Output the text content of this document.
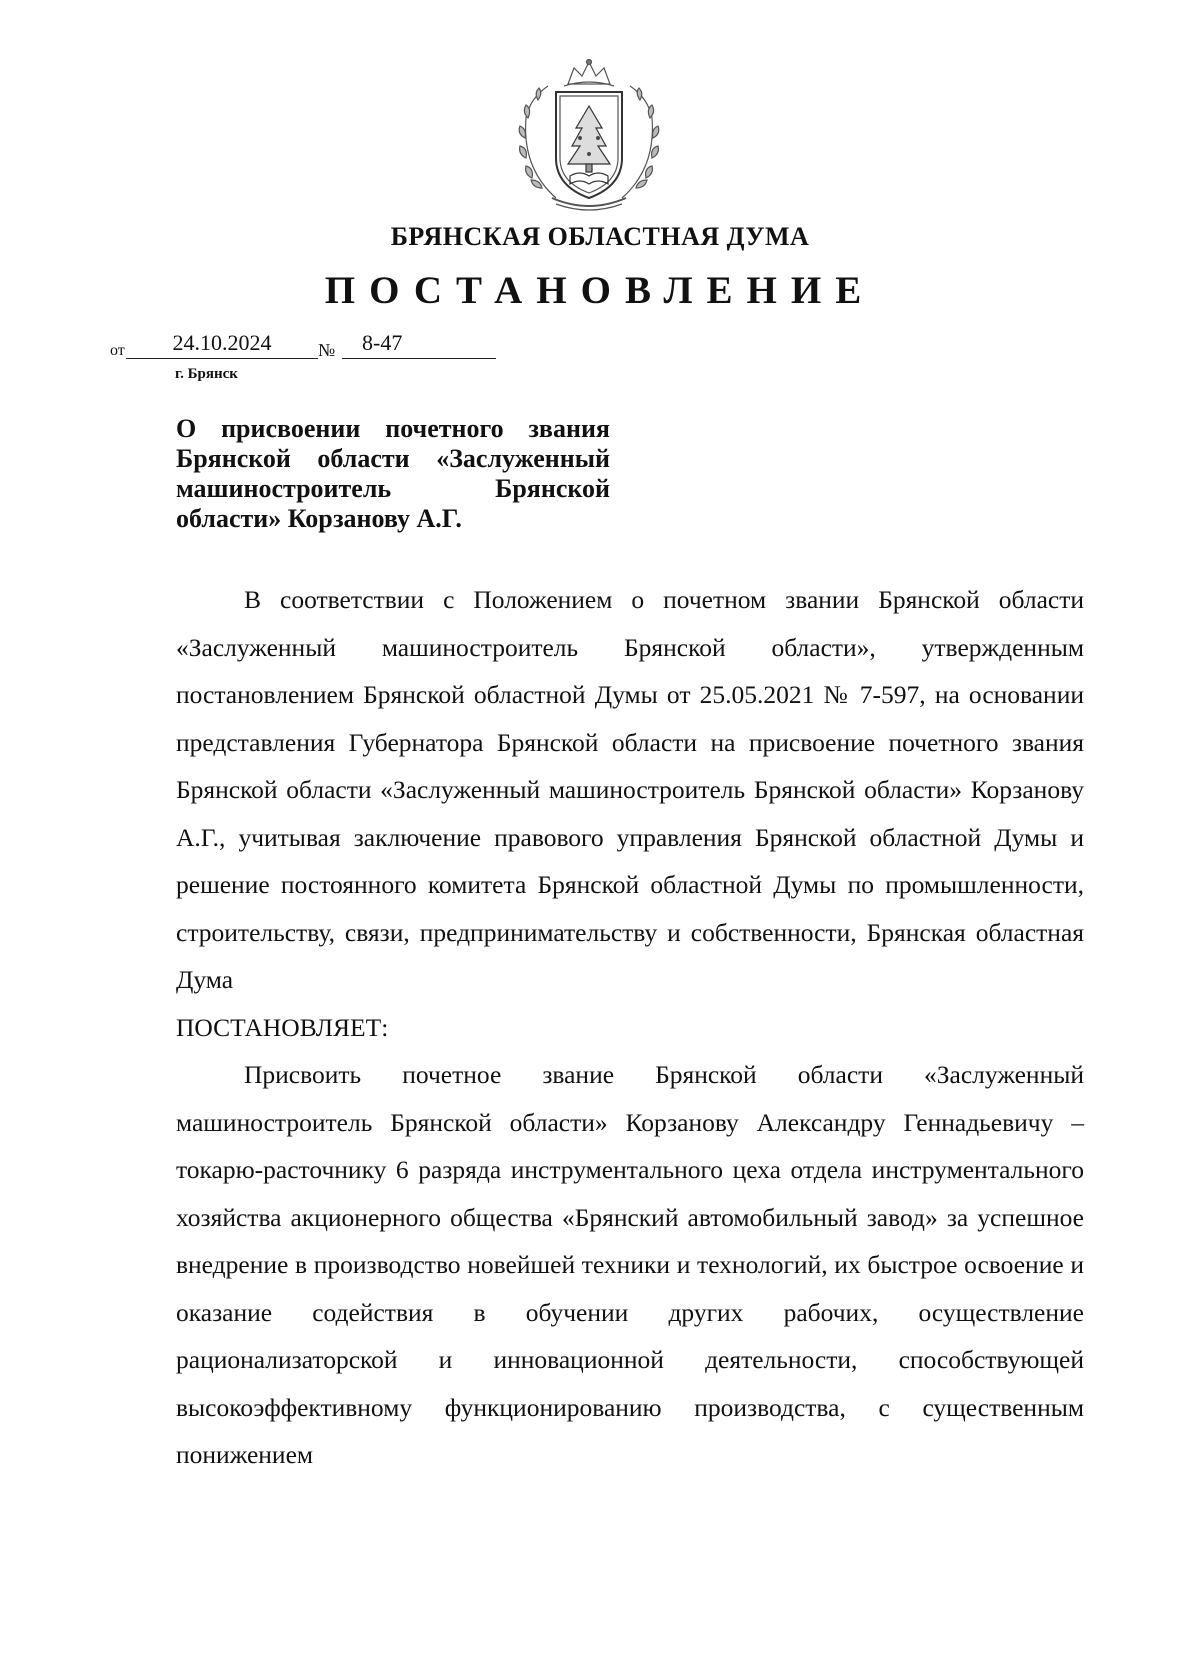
БРЯНСКАЯ ОБЛАСТНАЯ ДУМА
ПОСТАНОВЛЕНИЕ
от	24.10.2024	№	8-47
г. Брянск
О присвоении почетного звания Брянской области «Заслуженный машиностроитель Брянской области» Корзанову А.Г.

В соответствии с Положением о почетном звании Брянской области «Заслуженный машиностроитель Брянской области», утвержденным постановлением Брянской областной Думы от 25.05.2021 № 7-597, на основании представления Губернатора Брянской области на присвоение почетного звания Брянской области «Заслуженный машиностроитель Брянской области» Корзанову А.Г., учитывая заключение правового управления Брянской областной Думы и решение постоянного комитета Брянской областной Думы по промышленности, строительству, связи, предпринимательству и собственности, Брянская областная Дума

ПОСТАНОВЛЯЕТ:

Присвоить почетное звание Брянской области «Заслуженный машиностроитель Брянской области» Корзанову Александру Геннадьевичу – токарю-расточнику 6 разряда инструментального цеха отдела инструментального хозяйства акционерного общества «Брянский автомобильный завод» за успешное внедрение в производство новейшей техники и технологий, их быстрое освоение и оказание содействия в обучении других рабочих, осуществление рационализаторской и инновационной деятельности, способствующей высокоэффективному функционированию производства, с существенным понижением
